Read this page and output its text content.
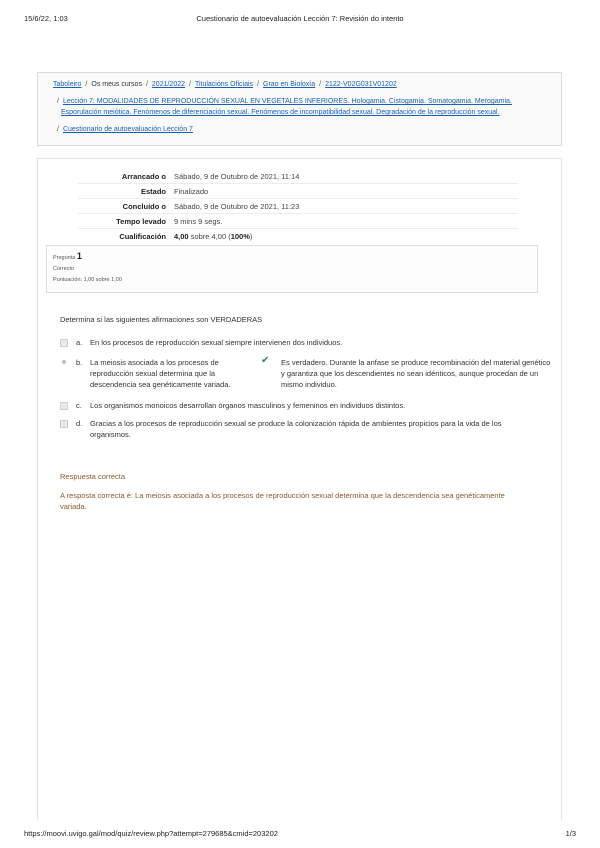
15/6/22, 1:03	Cuestionario de autoevaluación Lección 7: Revisión do intento
Taboleiro / Os meus cursos / 2021/2022 / Titulacións Oficiais / Grao en Bioloxía / 2122-V02G031V01202
/ Lección 7: MODALIDADES DE REPRODUCCIÓN SEXUAL EN VEGETALES INFERIORES. Hologamia. Cistogamia. Somatogamia. Merogamia. Esporulación meiótica. Fenómenos de diferenciación sexual. Fenómenos de incompatibilidad sexual. Degradación de la reproducción sexual.
/ Cuestionario de autoevaluación Lección 7
Arrancado o	Sábado, 9 de Outubro de 2021, 11:14
Estado	Finalizado
Concluído o	Sábado, 9 de Outubro de 2021, 11:23
Tempo levado	9 mins 9 segs.
Cualificación	4,00 sobre 4,00 (100%)
Pregunta 1
Correcto
Puntuación: 1,00 sobre 1,00
Determina si las siguientes afirmaciones son VERDADERAS
a.	En los procesos de reproducción sexual siempre intervienen dos individuos.
b.	La meiosis asociada a los procesos de reproducción sexual determina que la descendencia sea genéticamente variada.
✔	Es verdadero. Durante la anfase se produce recombinación del material genético y garantiza que los descendientes no sean idénticos, aunque procedan de un mismo individuo.
c.	Los organismos monoicos desarrollan órganos masculinos y femeninos en individuos distintos.
d.	Gracias a los procesos de reproducción sexual se produce la colonización rápida de ambientes propicios para la vida de los organismos.
Respuesta correcta
A resposta correcta é: La meiosis asociada a los procesos de reproducción sexual determina que la descendencia sea genéticamente variada.
https://moovi.uvigo.gal/mod/quiz/review.php?attempt=279685&cmid=203202	1/3
